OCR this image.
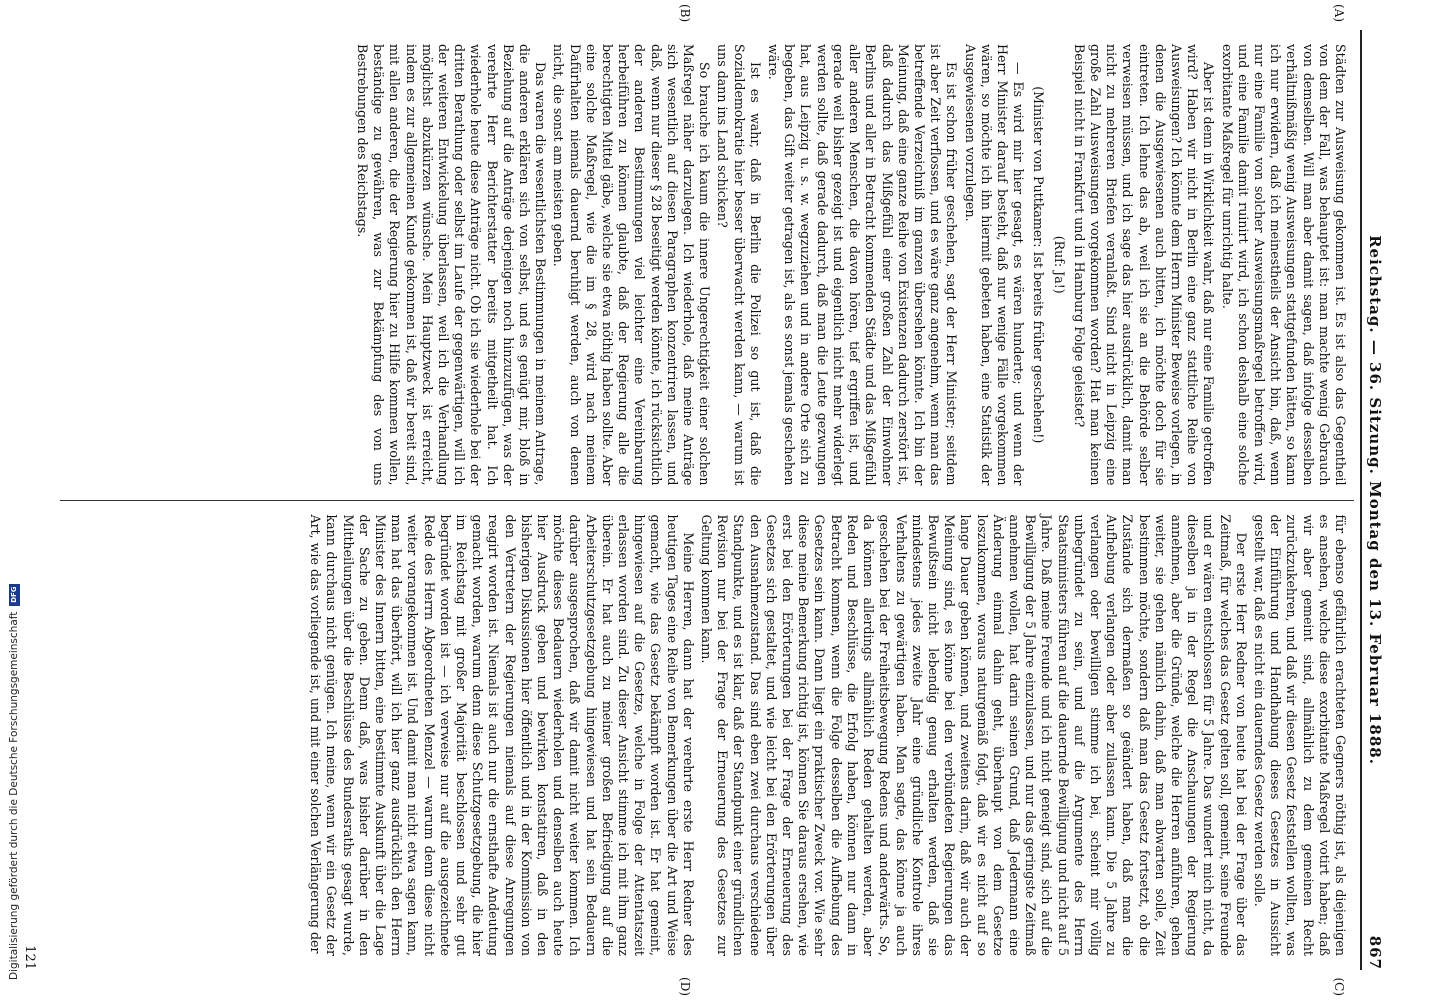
Reichstag. — 36. Sitzung. Montag den 13. Februar 1888.
867
(A)
(B)
(C)
(D)

Städten zur Ausweisung gekommen ist. Es ist also das Gegentheil von dem der Fall, was behauptet ist: man machte wenig Gebrauch von demselben. Will man aber damit sagen, daß infolge desselben verhältnißmäßig wenig Ausweisungen stattgefunden hätten, so kann ich nur erwidern, daß ich meinestheils der Ansicht bin, daß, wenn nur eine Familie von solcher Ausweisungsmaßregel betroffen wird, und eine Familie damit ruinirt wird, ich schon deshalb eine solche exorbitante Maßregel für unrichtig halte.

Aber ist denn in Wirklichkeit wahr, daß nur eine Familie getroffen wird? Haben wir nicht in Berlin eine ganz stattliche Reihe von Ausweisungen? Ich könnte dem Herrn Minister Beweise vorlegen, in denen die Ausgewiesenen auch bitten, ich möchte doch für sie eintreten. Ich lehne das ab, weil ich sie an die Behörde selber verweisen müssen, und ich sage das hier ausdrücklich, damit man nicht zu mehreren Briefen veranlaßt. Sind nicht in Leipzig eine große Zahl Ausweisungen vorgekommen worden? Hat man keinen Beispiel nicht in Frankfurt und in Hamburg Folge geleistet?

(Ruf: Ja!)

(Minister von Puttkamer: Ist bereits früher geschehen!)

— Es wird mir hier gesagt, es wären hunderte; und wenn der Herr Minister darauf besteht, daß nur wenige Fälle vorgekommen wären, so möchte ich ihn hiermit gebeten haben, eine Statistik der Ausgewiesenen vorzulegen.

Es ist schon früher geschehen, sagt der Herr Minister; seitdem ist aber Zeit verflossen, und es wäre ganz angenehm, wenn man das betreffende Verzeichniß im ganzen übersehen könnte. Ich bin der Meinung, daß eine ganze Reihe von Existenzen dadurch zerstört ist, daß dadurch das Mißgefühl einer großen Zahl der Einwohner Berlins und aller in Betracht kommenden Städte und das Mißgefühl aller anderen Menschen, die davon hören, tief ergriffen ist, und gerade weil bisher gezeigt ist und eigentlich nicht mehr widerlegt werden sollte, daß gerade dadurch, daß man die Leute gezwungen hat, aus Leipzig u. s. w. wegzuziehen und in andere Orte sich zu begeben, das Gift weiter getragen ist, als es sonst jemals geschehen wäre.

Ist es wahr, daß in Berlin die Polizei so gut ist, daß die Sozialdemokratie hier besser überwacht werden kann, — warum ist uns dann ins Land schicken?

So brauche ich kaum die innere Ungerechtigkeit einer solchen Maßregel näher darzulegen. Ich wiederhole, daß meine Anträge sich wesentlich auf diesen Paragraphen konzentriren lassen, und daß, wenn nur dieser § 28 beseitigt werden könnte, ich rücksichtlich der anderen Bestimmungen viel leichter eine Vereinbarung herbeiführen zu können glaubte, daß der Regierung alle die berechtigten Mittel gäbe, welche sie etwa nöthig haben sollte. Aber eine solche Maßregel, wie die im § 28, wird nach meinem Dafürhalten niemals dauernd beruhigt werden, auch von denen nicht, die sonst am meisten geben.

Das waren die wesentlichsten Bestimmungen in meinem Antrage, die anderen erklären sich von selbst, und es genügt mir, bloß in Beziehung auf die Anträge derjenigen noch hinzuzufügen, was der verehrte Herr Berichterstatter bereits mitgetheilt hat. Ich wiederhole heute diese Anträge nicht. Ob ich sie wiederhole bei der dritten Berathung oder selbst im Laufe der gegenwärtigen, will ich der weiteren Entwickelung überlassen, weil ich die Verhandlung möglichst abzukürzen wünsche. Mein Hauptzweck ist erreicht, indem es zur allgemeinen Kunde gekommen ist, daß wir bereit sind, mit allen anderen, die der Regierung hier zu Hilfe kommen wollen, beständige zu gewähren, was zur Bekämpfung des von uns Bestrebungen des Reichstags.

für ebenso gefährlich erachteten Gegners nöthig ist, als diejenigen es ansehen, welche diese exorbitante Maßregel votirt haben; daß wir aber gemeint sind, allmählich zu dem gemeinen Recht zurückzukehren, und daß wir diesen Gesetz feststellen wollten, was der Einführung und Handhabung dieses Gesetzes in Aussicht gestellt war, daß es nicht ein dauerndes Gesetz werden solle.

Der erste Herr Redner von heute hat bei der Frage über das Zeitmaß, für welches das Gesetz gelten soll, gemeint, seine Freunde und er wären entschlossen für 5 Jahre. Das wundert mich nicht, da dieselben ja in der Regel die Anschauungen der Regierung annehmen, aber die Gründe, welche die Herren anführen, gehen weiter, sie gehen nämlich dahin, daß man abwarten solle, Zeit bestimmen möchte, sondern daß man das Gesetz fortsetzt, ob die Zustände sich dermaßen so geändert haben, daß man die Aufhebung verlangen oder aber zulassen kann. Die 5 Jahre zu verlangen oder bewilligen stimme ich bei, scheint mir völlig unbegründet zu sein, und auf die Argumente des Herrn Staatsministers führen auf die dauernde Bewilligung und nicht auf 5 Jahre. Daß meine Freunde und ich nicht geneigt sind, sich auf die Bewilligung der 5 Jahre einzulassen, und nur das geringste Zeitmaß annehmen wollen, hat darin seinen Grund, daß Jedermann eine Änderung einmal dahin geht, überhaupt von dem Gesetze loszukommen, woraus naturgemäß folgt, daß wir es nicht auf so lange Dauer geben können, und zweitens darin, daß wir auch der Meinung sind, es könne bei den verbündeten Regierungen das Bewußtsein nicht lebendig genug erhalten werden, daß sie mindestens jedes zweite Jahr eine gründliche Kontrole ihres Verhaltens zu gewärtigen haben. Man sagte, das könne ja auch geschehen bei der Freiheitsbewegung Redens und anderwärts. So, da können allerdings allmählich Reden gehalten werden, aber Reden und Beschlüsse, die Erfolg haben, können nur dann in Betracht kommen, wenn die Folge desselben die Aufhebung des Gesetzes sein kann. Dann liegt ein praktischer Zweck vor. Wie sehr diese meine Bemerkung richtig ist, können Sie daraus ersehen, wie erst bei den Erörterungen bei der Frage der Erneuerung des Gesetzes sich gestaltet, und wie leicht bei den Erörterungen über den Ausnahmezustand. Das sind eben zwei durchaus verschiedene Standpunkte, und es ist klar, daß der Standpunkt einer gründlichen Revision nur bei der Frage der Erneuerung des Gesetzes zur Geltung kommen kann.

Meine Herren, dann hat der verehrte erste Herr Redner des heutigen Tages eine Reihe von Bemerkungen über die Art und Weise gemacht, wie das Gesetz bekämpft worden ist. Er hat gemeint, hingewiesen auf die Gesetze, welche in Folge der Attentatszeit erlassen worden sind. Zu dieser Ansicht stimme ich mit ihm ganz überein. Er hat auch zu meiner großen Befriedigung auf die Arbeiterschutzgesetzgebung hingewiesen und hat sein Bedauern darüber ausgesprochen, daß wir damit nicht weiter kommen. Ich möchte dieses Bedauern wiederholen und denselben auch heute hier Ausdruck geben und bewirken konstatiren, daß in den bisherigen Diskussionen hier öffentlich und in der Kommission von den Vertretern der Regierungen niemals auf diese Anregungen reagirt worden ist. Niemals ist auch nur die ernsthafte Andeutung gemacht worden, warum denn diese Schutzgesetzgebung, die hier im Reichstag mit großer Majorität beschlossen und sehr gut begründet worden ist — ich verweise nur auf die ausgezeichnete Rede des Herrn Abgeordneten Menzel — warum denn diese nicht weiter vorangekommen ist. Und damit man nicht etwa sagen kann, man hat das überhört, will ich hier ganz ausdrücklich den Herrn Minister des Innern bitten, eine bestimmte Auskunft über die Lage der Sache zu geben. Denn daß, was bisher darüber in den Mittheilungen über die Beschlüsse des Bundesraths gesagt wurde, kann durchaus nicht genügen. Ich meine, wenn wir ein Gesetz der Art, wie das vorliegende ist, und mit einer solchen Verlängerung der

121
Digitalisierung gefördert durch die Deutsche Forschungsgemeinschaft
DFG
